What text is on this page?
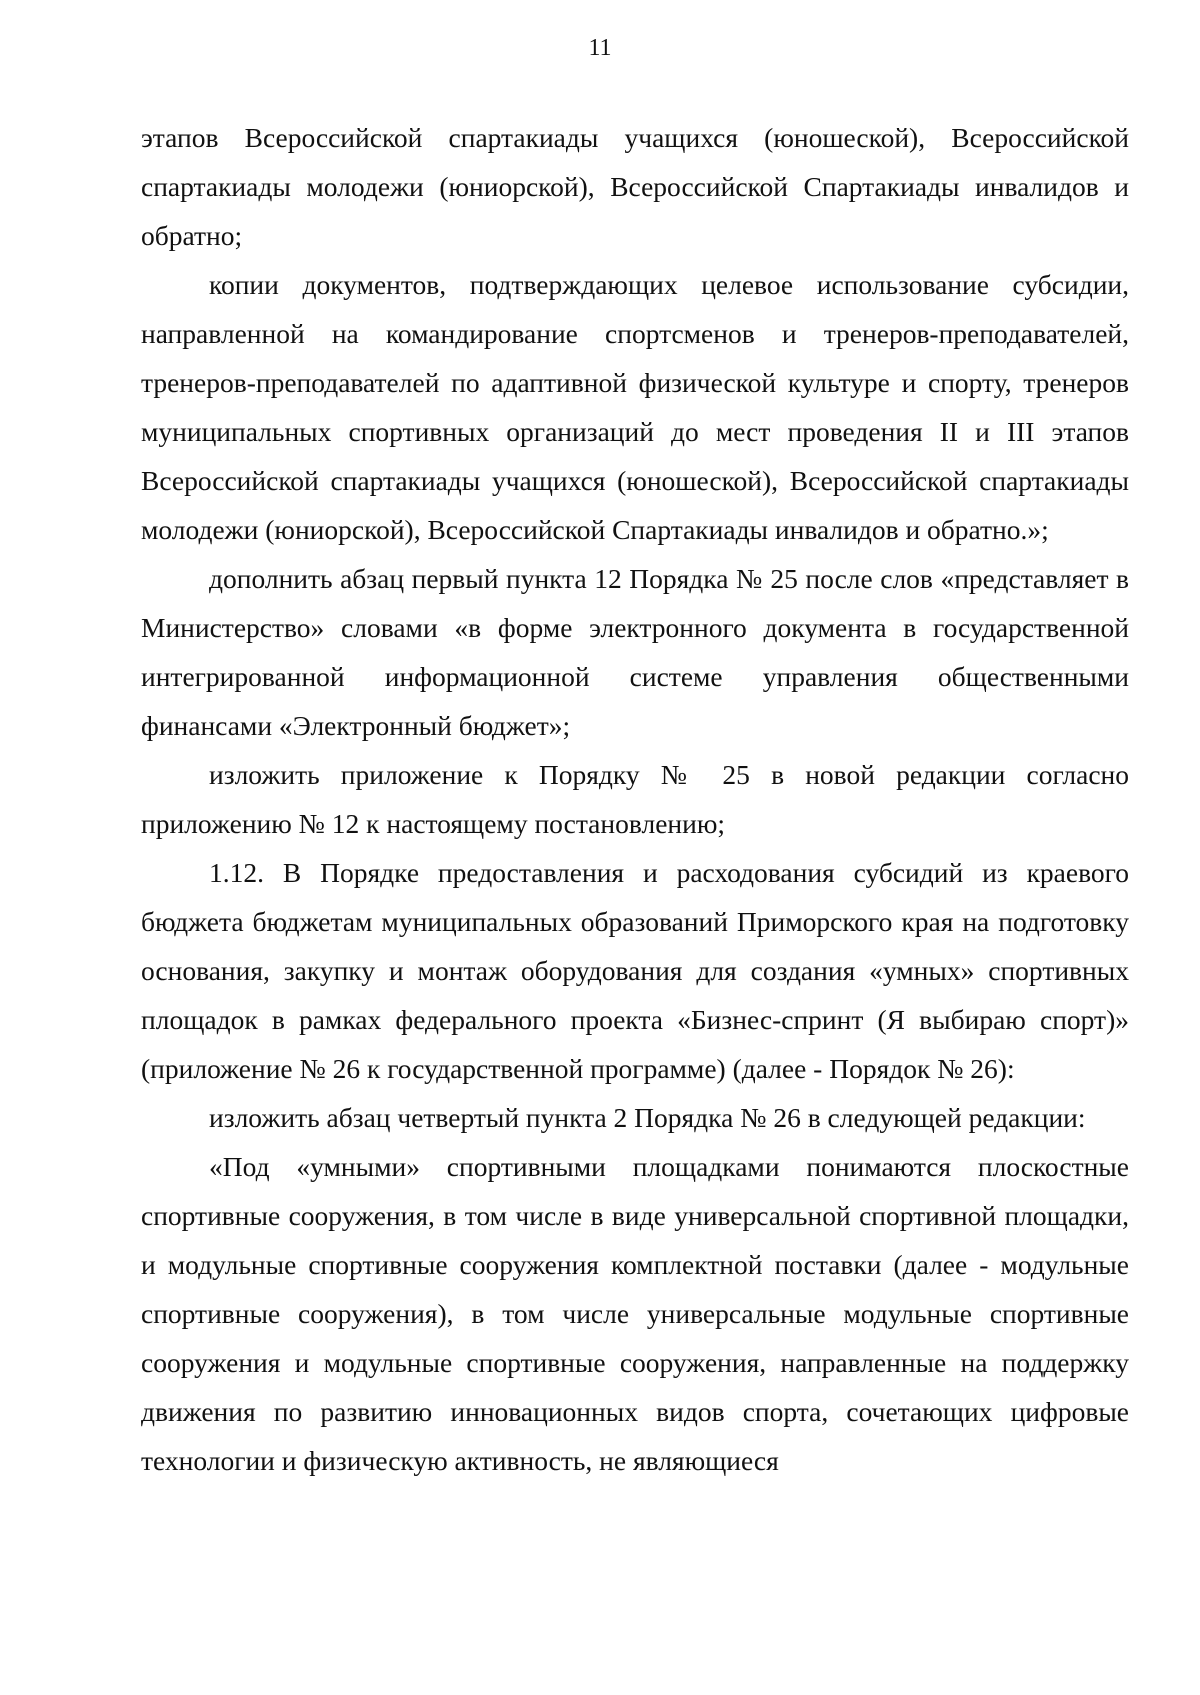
11

этапов Всероссийской спартакиады учащихся (юношеской), Всероссийской спартакиады молодежи (юниорской), Всероссийской Спартакиады инвалидов и обратно;

копии документов, подтверждающих целевое использование субсидии, направленной на командирование спортсменов и тренеров-преподавателей, тренеров-преподавателей по адаптивной физической культуре и спорту, тренеров муниципальных спортивных организаций до мест проведения II и III этапов Всероссийской спартакиады учащихся (юношеской), Всероссийской спартакиады молодежи (юниорской), Всероссийской Спартакиады инвалидов и обратно.»;

дополнить абзац первый пункта 12 Порядка № 25 после слов «представляет в Министерство» словами «в форме электронного документа в государственной интегрированной информационной системе управления общественными финансами «Электронный бюджет»;

изложить приложение к Порядку № 25 в новой редакции согласно приложению № 12 к настоящему постановлению;

1.12. В Порядке предоставления и расходования субсидий из краевого бюджета бюджетам муниципальных образований Приморского края на подготовку основания, закупку и монтаж оборудования для создания «умных» спортивных площадок в рамках федерального проекта «Бизнес-спринт (Я выбираю спорт)» (приложение № 26 к государственной программе) (далее - Порядок № 26):

изложить абзац четвертый пункта 2 Порядка № 26 в следующей редакции:

«Под «умными» спортивными площадками понимаются плоскостные спортивные сооружения, в том числе в виде универсальной спортивной площадки, и модульные спортивные сооружения комплектной поставки (далее - модульные спортивные сооружения), в том числе универсальные модульные спортивные сооружения и модульные спортивные сооружения, направленные на поддержку движения по развитию инновационных видов спорта, сочетающих цифровые технологии и физическую активность, не являющиеся
